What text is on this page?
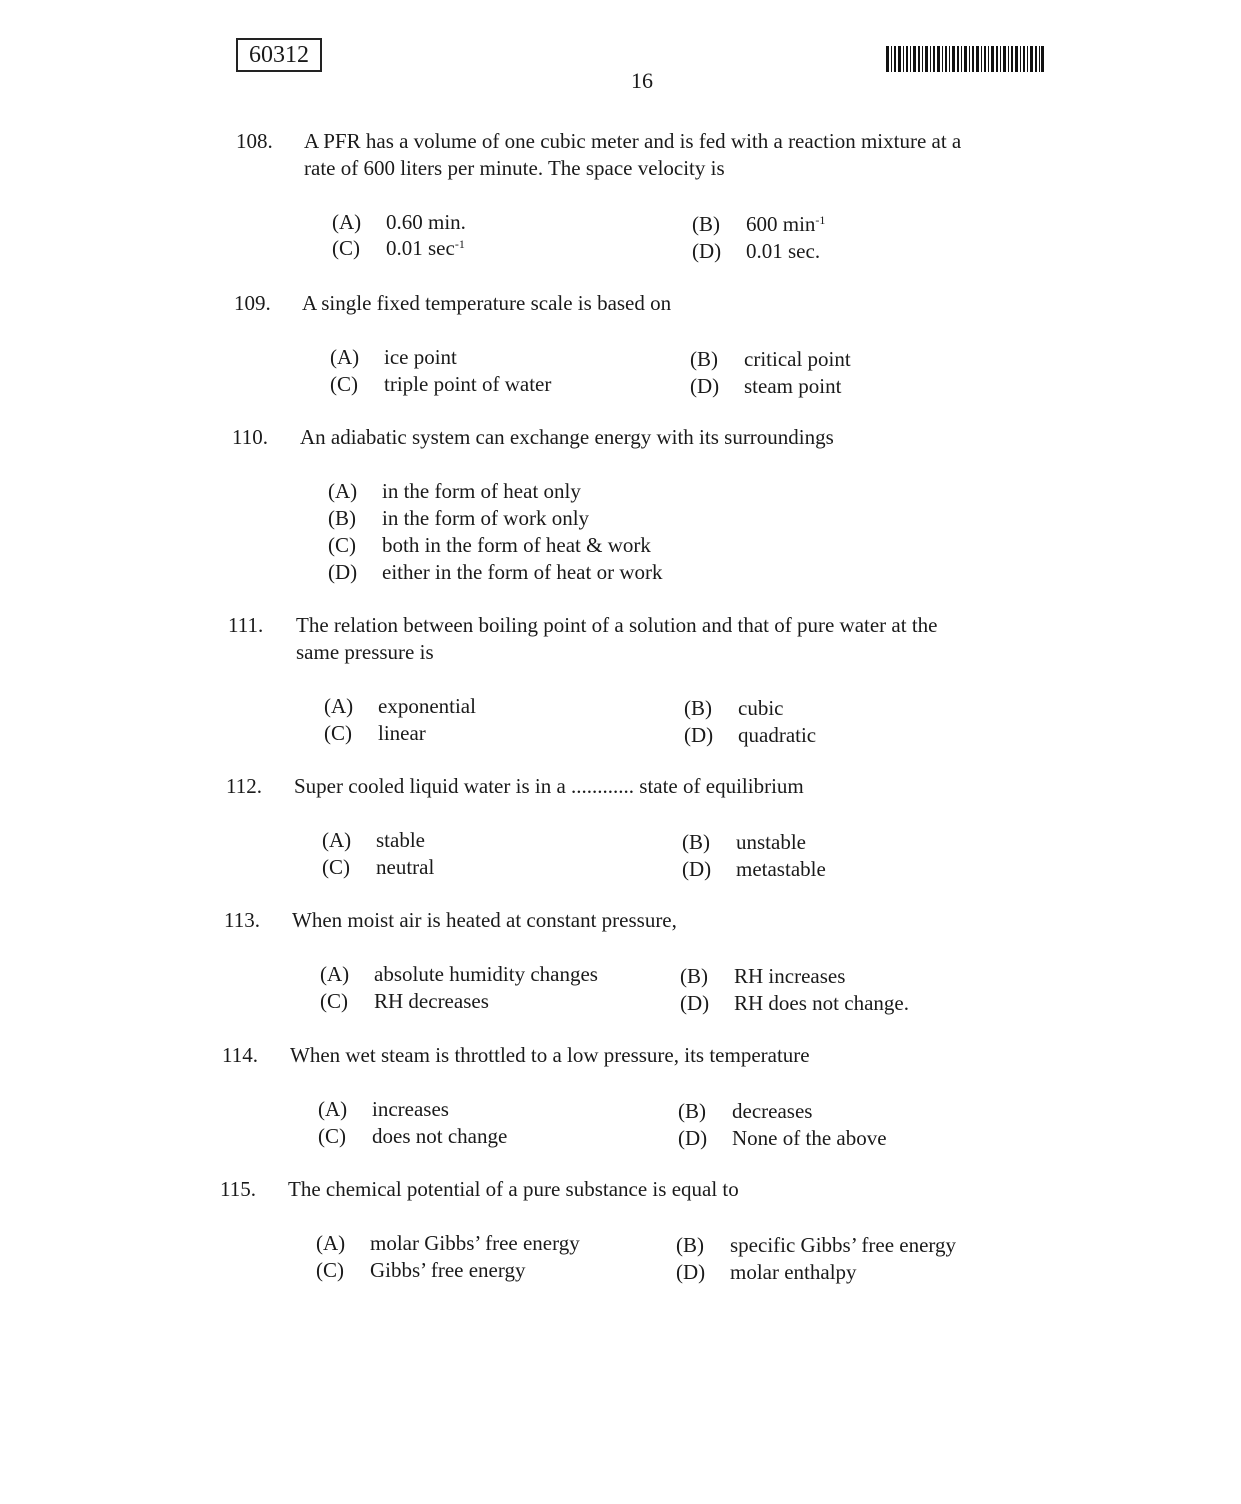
60312
16
108. A PFR has a volume of one cubic meter and is fed with a reaction mixture at a
rate of 600 liters per minute. The space velocity is
(A) 0.60 min.	(B) 600 $\min^{-1}$
(C) 0.01 $\sec^{-1}$	(D) 0.01 sec.
109. A single fixed temperature scale is based on
(A) ice point	(B) critical point
(C) triple point of water	(D) steam point
110. An adiabatic system can exchange energy with its surroundings
(A) in the form of heat only
(B) in the form of work only
(C) both in the form of heat & work
(D) either in the form of heat or work
111. The relation between boiling point of a solution and that of pure water at the
same pressure is
(A) exponential	(B) cubic
(C) linear	(D) quadratic
112. Super cooled liquid water is in a ............ state of equilibrium
(A) stable	(B) unstable
(C) neutral	(D) metastable
113. When moist air is heated at constant pressure,
(A) absolute humidity changes	(B) RH increases
(C) RH decreases	(D) RH does not change.
114. When wet steam is throttled to a low pressure, its temperature
(A) increases	(B) decreases
(C) does not change	(D) None of the above
115. The chemical potential of a pure substance is equal to
(A) molar Gibbs’ free energy	(B) specific Gibbs’ free energy
(C) Gibbs’ free energy	(D) molar enthalpy
